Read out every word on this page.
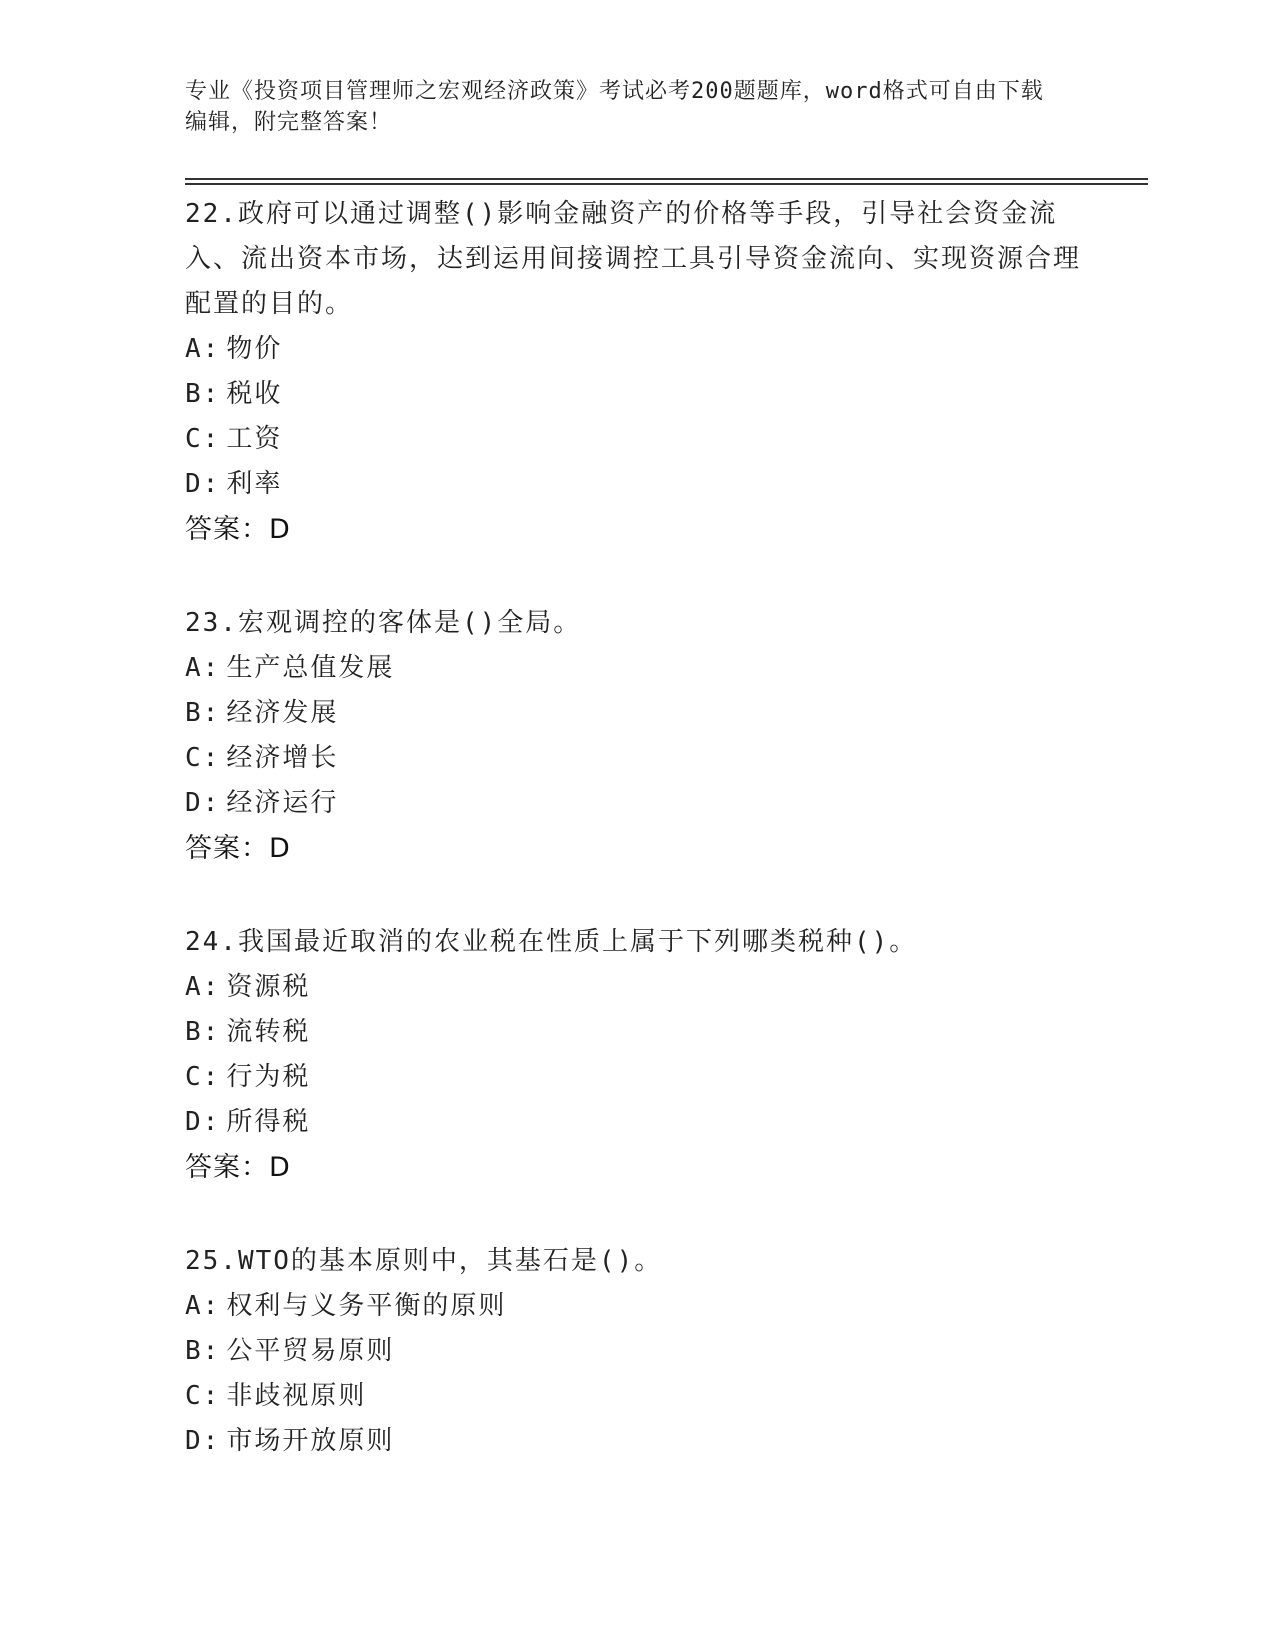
专业《投资项目管理师之宏观经济政策》考试必考200题题库，word格式可自由下载编辑，附完整答案！
22.政府可以通过调整()影响金融资产的价格等手段，引导社会资金流入、流出资本市场，达到运用间接调控工具引导资金流向、实现资源合理配置的目的。
A: 物价
B: 税收
C: 工资
D: 利率
答案：D
23.宏观调控的客体是()全局。
A: 生产总值发展
B: 经济发展
C: 经济增长
D: 经济运行
答案：D
24.我国最近取消的农业税在性质上属于下列哪类税种()。
A: 资源税
B: 流转税
C: 行为税
D: 所得税
答案：D
25.WTO的基本原则中，其基石是()。
A: 权利与义务平衡的原则
B: 公平贸易原则
C: 非歧视原则
D: 市场开放原则
